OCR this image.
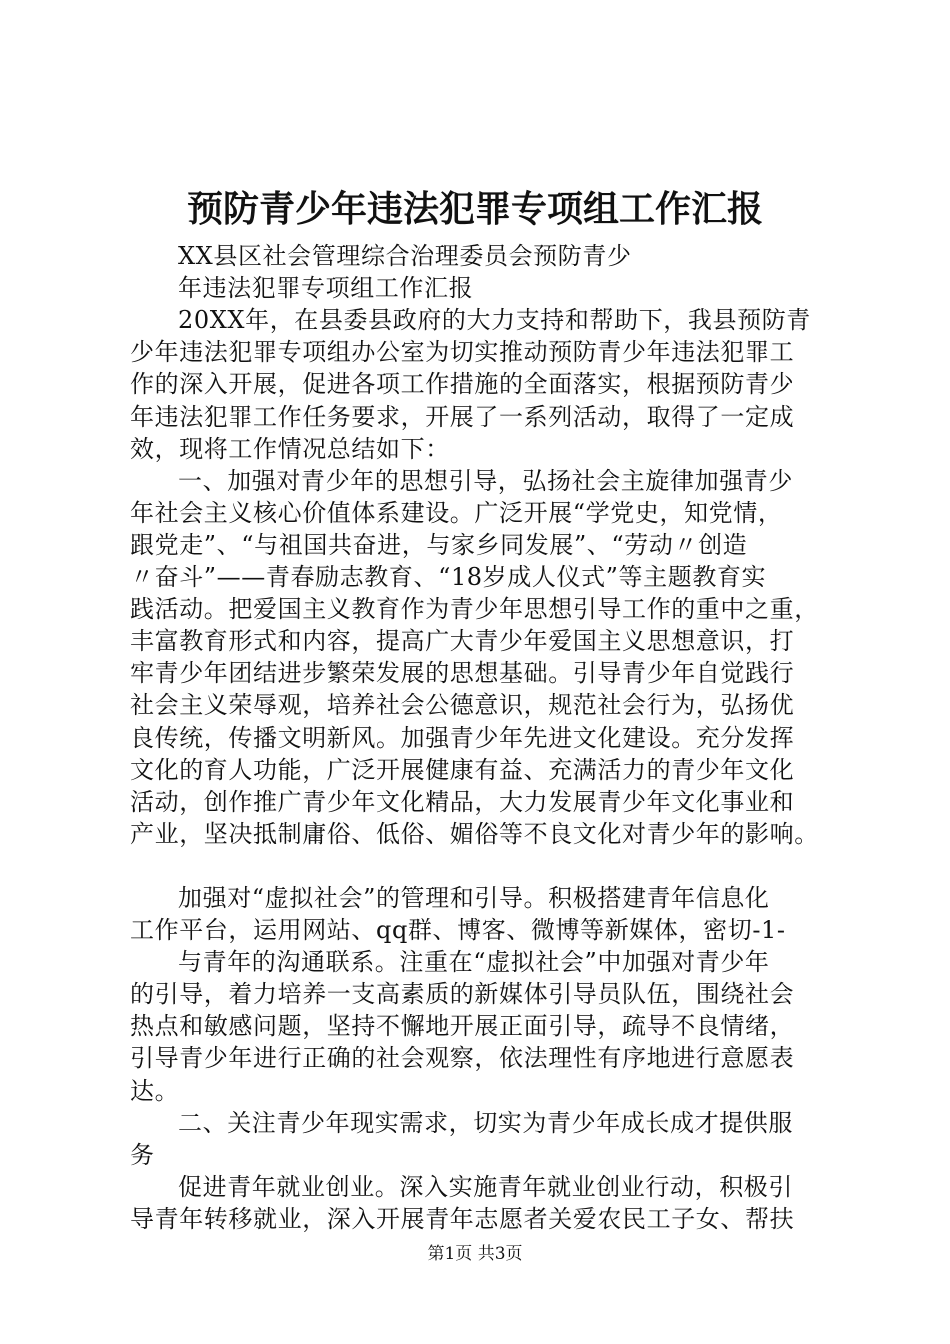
预防青少年违法犯罪专项组工作汇报
XX县区社会管理综合治理委员会预防青少
年违法犯罪专项组工作汇报
20XX年，在县委县政府的大力支持和帮助下，我县预防青
少年违法犯罪专项组办公室为切实推动预防青少年违法犯罪工
作的深入开展，促进各项工作措施的全面落实，根据预防青少
年违法犯罪工作任务要求，开展了一系列活动，取得了一定成
效，现将工作情况总结如下：
一、加强对青少年的思想引导，弘扬社会主旋律加强青少
年社会主义核心价值体系建设。广泛开展“学党史，知党情，
跟党走”、“与祖国共奋进，与家乡同发展”、“劳动〃创造
〃奋斗”——青春励志教育、“18岁成人仪式”等主题教育实
践活动。把爱国主义教育作为青少年思想引导工作的重中之重，
丰富教育形式和内容，提高广大青少年爱国主义思想意识，打
牢青少年团结进步繁荣发展的思想基础。引导青少年自觉践行
社会主义荣辱观，培养社会公德意识，规范社会行为，弘扬优
良传统，传播文明新风。加强青少年先进文化建设。充分发挥
文化的育人功能，广泛开展健康有益、充满活力的青少年文化
活动，创作推广青少年文化精品，大力发展青少年文化事业和
产业，坚决抵制庸俗、低俗、媚俗等不良文化对青少年的影响。
加强对“虚拟社会”的管理和引导。积极搭建青年信息化
工作平台，运用网站、qq群、博客、微博等新媒体，密切-1-
与青年的沟通联系。注重在“虚拟社会”中加强对青少年
的引导，着力培养一支高素质的新媒体引导员队伍，围绕社会
热点和敏感问题，坚持不懈地开展正面引导，疏导不良情绪，
引导青少年进行正确的社会观察，依法理性有序地进行意愿表
达。
二、关注青少年现实需求，切实为青少年成长成才提供服
务
促进青年就业创业。深入实施青年就业创业行动，积极引
导青年转移就业，深入开展青年志愿者关爱农民工子女、帮扶
第1页 共3页
